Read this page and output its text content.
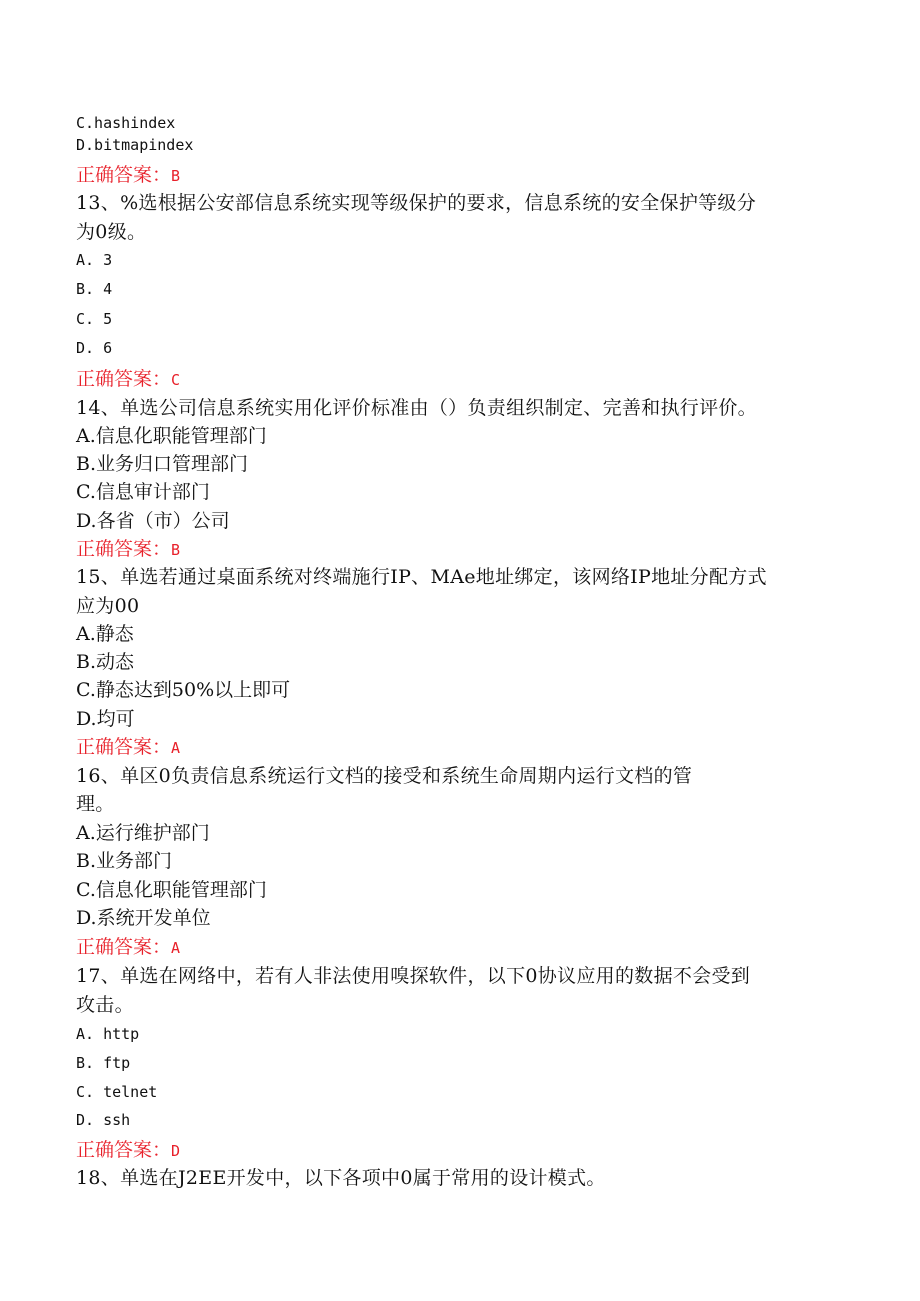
C.hashindex
D.bitmapindex
正确答案：B
13、%选根据公安部信息系统实现等级保护的要求，信息系统的安全保护等级分
为0级。
A. 3
B. 4
C. 5
D. 6
正确答案：C
14、单选公司信息系统实用化评价标准由（）负责组织制定、完善和执行评价。
A.信息化职能管理部门
B.业务归口管理部门
C.信息审计部门
D.各省（市）公司
正确答案：B
15、单选若通过桌面系统对终端施行IP、MAe地址绑定，该网络IP地址分配方式
应为00
A.静态
B.动态
C.静态达到50%以上即可
D.均可
正确答案：A
16、单区0负责信息系统运行文档的接受和系统生命周期内运行文档的管
理。
A.运行维护部门
B.业务部门
C.信息化职能管理部门
D.系统开发单位
正确答案：A
17、单选在网络中，若有人非法使用嗅探软件，以下0协议应用的数据不会受到
攻击。
A. http
B. ftp
C. telnet
D. ssh
正确答案：D
18、单选在J2EE开发中，以下各项中0属于常用的设计模式。
